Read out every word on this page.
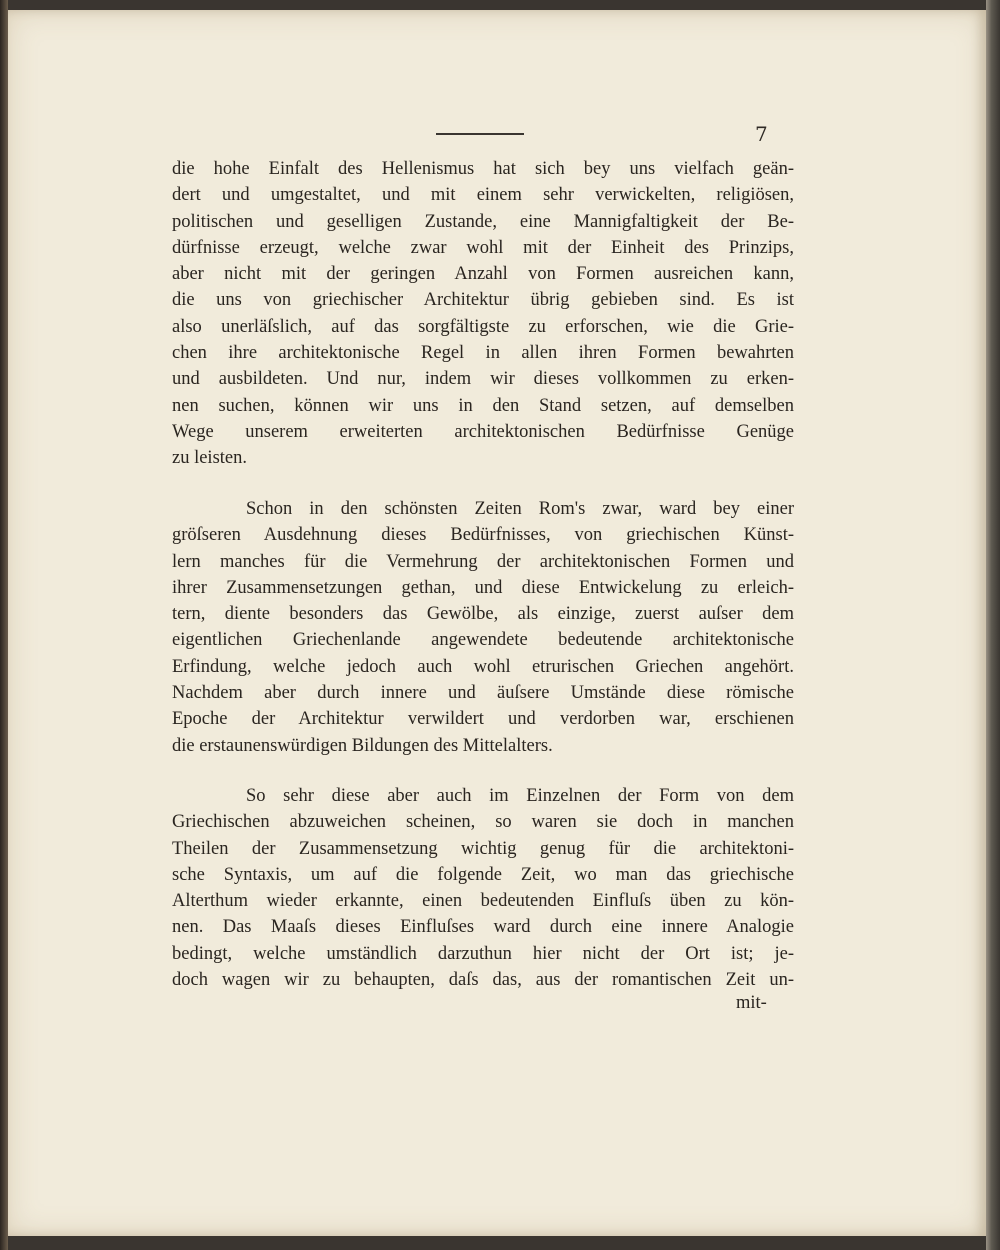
7
die hohe Einfalt des Hellenismus hat sich bey uns vielfach geän-
dert und umgestaltet, und mit einem sehr verwickelten, religiösen,
politischen und geselligen Zustande, eine Mannigfaltigkeit der Be-
dürfnisse erzeugt, welche zwar wohl mit der Einheit des Prinzips,
aber nicht mit der geringen Anzahl von Formen ausreichen kann,
die uns von griechischer Architektur übrig gebieben sind. Es ist
also unerläſslich, auf das sorgfältigste zu erforschen, wie die Grie-
chen ihre architektonische Regel in allen ihren Formen bewahrten
und ausbildeten. Und nur, indem wir dieses vollkommen zu erken-
nen suchen, können wir uns in den Stand setzen, auf demselben
Wege unserem erweiterten architektonischen Bedürfnisse Genüge
zu leisten.
Schon in den schönsten Zeiten Rom's zwar, ward bey einer
gröſseren Ausdehnung dieses Bedürfnisses, von griechischen Künst-
lern manches für die Vermehrung der architektonischen Formen und
ihrer Zusammensetzungen gethan, und diese Entwickelung zu erleich-
tern, diente besonders das Gewölbe, als einzige, zuerst auſser dem
eigentlichen Griechenlande angewendete bedeutende architektonische
Erfindung, welche jedoch auch wohl etrurischen Griechen angehört.
Nachdem aber durch innere und äuſsere Umstände diese römische
Epoche der Architektur verwildert und verdorben war, erschienen
die erstaunenswürdigen Bildungen des Mittelalters.
So sehr diese aber auch im Einzelnen der Form von dem
Griechischen abzuweichen scheinen, so waren sie doch in manchen
Theilen der Zusammensetzung wichtig genug für die architektoni-
sche Syntaxis, um auf die folgende Zeit, wo man das griechische
Alterthum wieder erkannte, einen bedeutenden Einfluſs üben zu kön-
nen. Das Maaſs dieses Einfluſses ward durch eine innere Analogie
bedingt, welche umständlich darzuthun hier nicht der Ort ist; je-
doch wagen wir zu behaupten, daſs das, aus der romantischen Zeit un-
mit-
